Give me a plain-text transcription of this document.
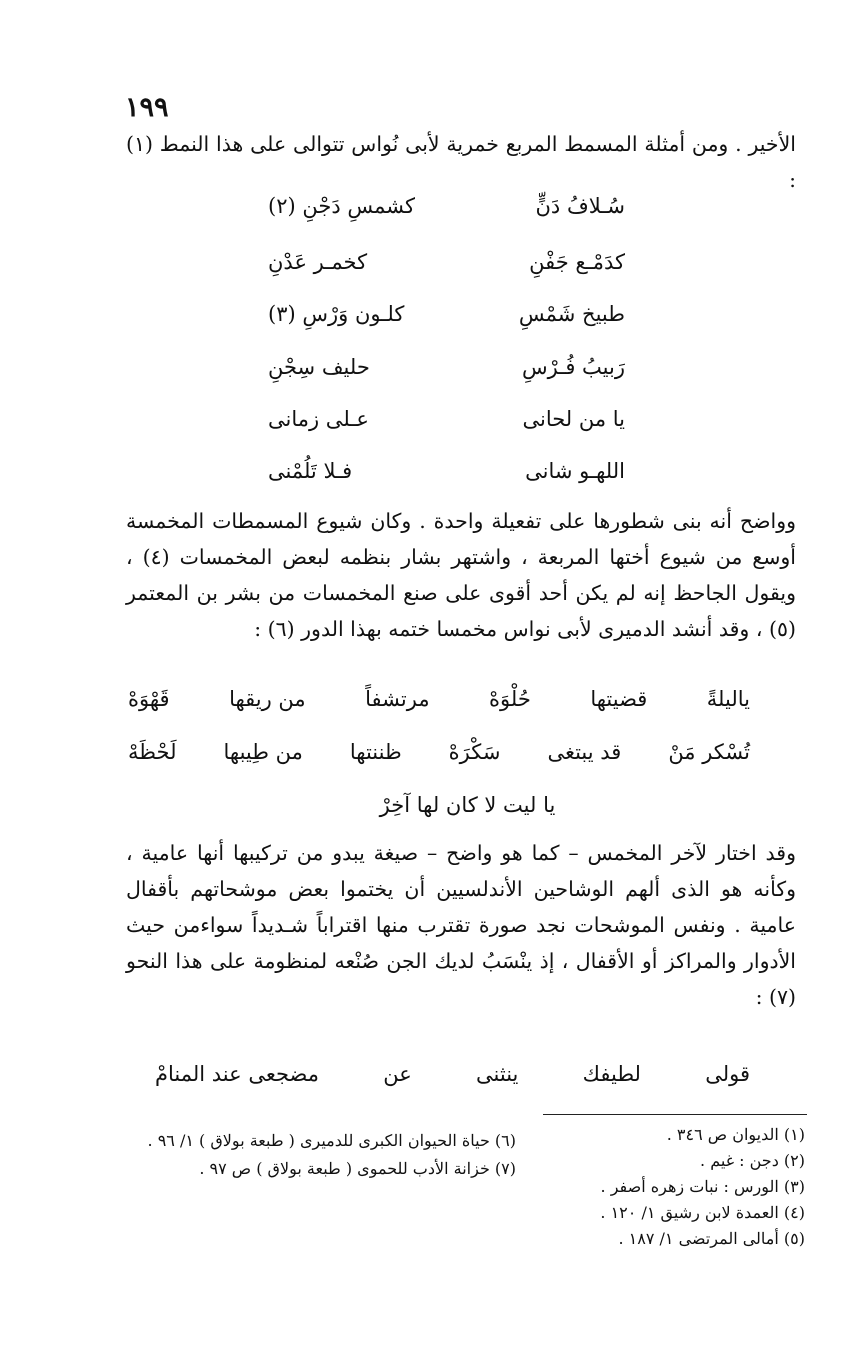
١٩٩

الأخير . ومن أمثلة المسمط المربع خمرية لأبى نُواس تتوالى على هذا النمط (١) :

سُـلافُ دَنٍّ
كشمسِ دَجْنِ (٢)
كدَمْـع جَفْنِ
كخمـر عَدْنِ
طبيخ شَمْسِ
كلـون وَرْسِ (٣)
رَبيبُ فُـرْسِ
حليف سِجْنِ
يا من لحانى
عـلى زمانى
اللهـو شانى
فـلا تَلُمْنى

وواضح أنه بنى شطورها على تفعيلة واحدة . وكان شيوع المسمطات المخمسة أوسع من شيوع أختها المربعة ، واشتهر بشار بنظمه لبعض المخمسات (٤) ، ويقول الجاحظ إنه لم يكن أحد أقوى على صنع المخمسات من بشر بن المعتمر (٥) ، وقد أنشد الدميرى لأبى نواس مخمسا ختمه بهذا الدور (٦) :

ياليلةً
قضيتها
حُلْوَهْ
مرتشفاً
من ريقها
قَهْوَهْ
تُسْكر مَنْ
قد يبتغى
سَكْرَهْ
ظننتها
من طِيبها
لَحْظَهْ
يا ليت لا كان لها آخِرْ

وقد اختار لآخر المخمس – كما هو واضح – صيغة يبدو من تركيبها أنها عامية ، وكأنه هو الذى ألهم الوشاحين الأندلسيين أن يختموا بعض موشحاتهم بأقفال عامية . ونفس الموشحات نجد صورة تقترب منها اقتراباً شـديداً سواءمن حيث الأدوار والمراكز أو الأقفال ، إذ ينْسَبُ لديك الجن صُنْعه لمنظومة على هذا النحو (٧) :

قولى
لطيفك
ينثنى
عن
مضجعى عند المنامْ
(١) الديوان ص ٣٤٦ .
(٢) دجن : غيم .
(٣) الورس : نبات زهره أصفر .
(٤) العمدة لابن رشيق ١/ ١٢٠ .
(٥) أمالى المرتضى ١/ ١٨٧ .

(٦) حياة الحيوان الكبرى للدميرى ( طبعة بولاق ) ١/ ٩٦ .

(٧) خزانة الأدب للحموى ( طبعة بولاق ) ص ٩٧ .
